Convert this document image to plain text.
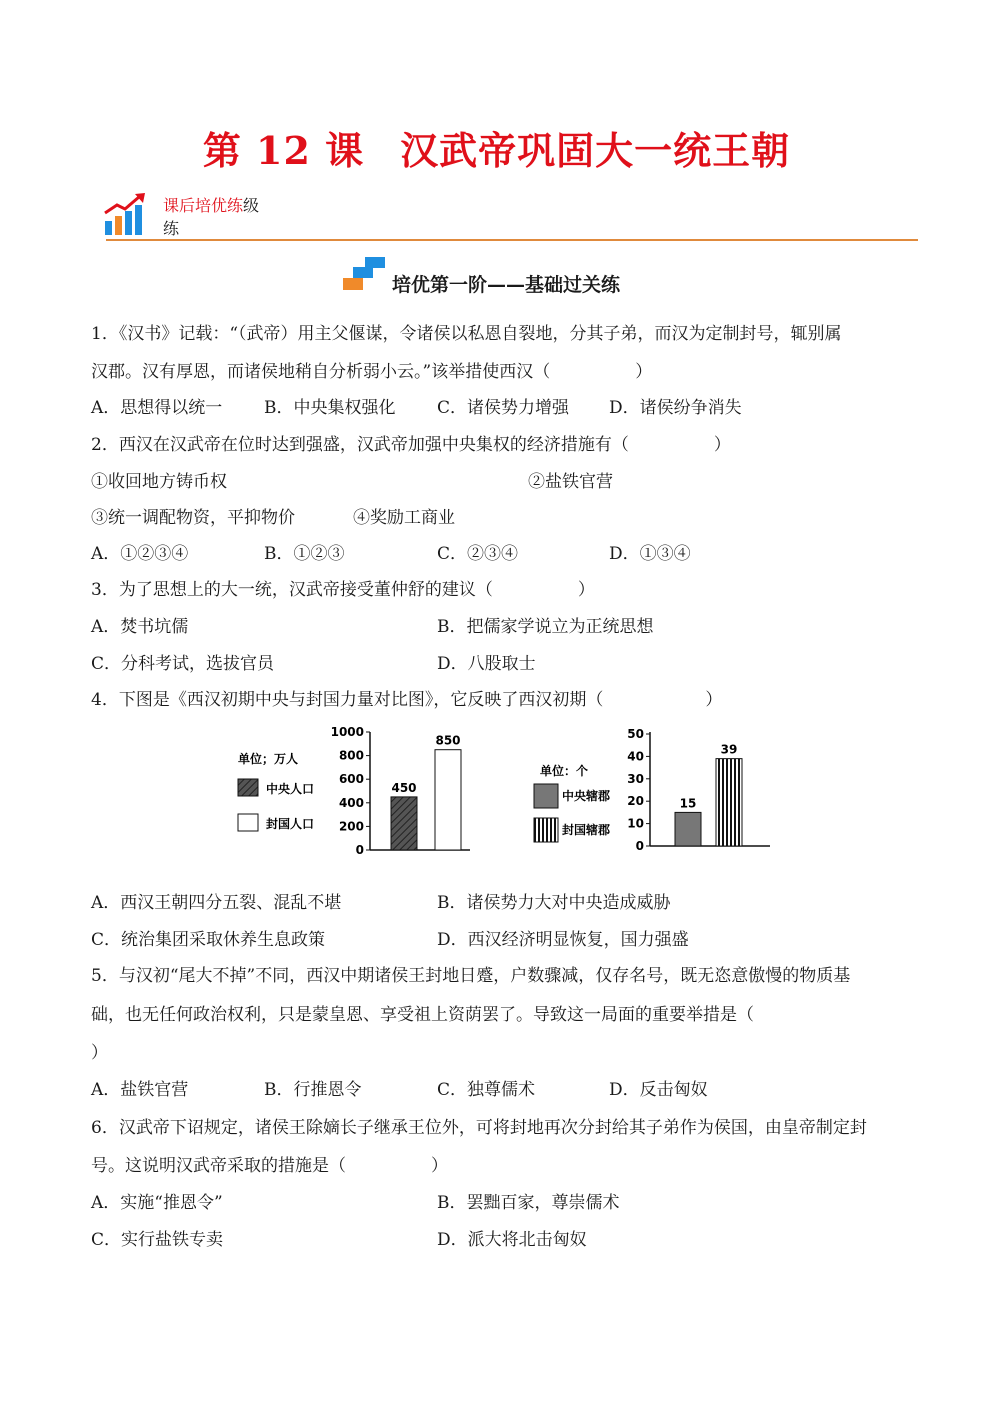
第 12 课 汉武帝巩固大一统王朝
课后培优练级
练
培优第一阶——基础过关练
1．《汉书》记载：“（武帝）用主父偃谋，令诸侯以私恩自裂地，分其子弟，而汉为定制封号，辄别属
汉郡。汉有厚恩，而诸侯地稍自分析弱小云。”该举措使西汉（　　　　　）
A．思想得以统一 B．中央集权强化 C．诸侯势力增强 D．诸侯纷争消失
2．西汉在汉武帝在位时达到强盛，汉武帝加强中央集权的经济措施有（　　　　　）
①收回地方铸币权	②盐铁官营
③统一调配物资，平抑物价	④奖励工商业
A．①②③④	B．①②③	C．②③④	D．①③④
3．为了思想上的大一统，汉武帝接受董仲舒的建议（　　　　　）
A．焚书坑儒	B．把儒家学说立为正统思想
C．分科考试，选拔官员	D．八股取士
4．下图是《西汉初期中央与封国力量对比图》，它反映了西汉初期（　　　　　　）
单位；万人
中央人口
封国人口
0
200
400
600
800
1000
450
850
单位：个
中央辖郡
封国辖郡
0
10
20
30
40
50
15
39
A．西汉王朝四分五裂、混乱不堪	B．诸侯势力大对中央造成威胁
C．统治集团采取休养生息政策	D．西汉经济明显恢复，国力强盛
5．与汉初“尾大不掉”不同，西汉中期诸侯王封地日蹙，户数骤减，仅存名号，既无恣意傲慢的物质基
础，也无任何政治权利，只是蒙皇恩、享受祖上资荫罢了。导致这一局面的重要举措是（
）
A．盐铁官营	B．行推恩令	C．独尊儒术	D．反击匈奴
6．汉武帝下诏规定，诸侯王除嫡长子继承王位外，可将封地再次分封给其子弟作为侯国，由皇帝制定封
号。这说明汉武帝采取的措施是（　　　　　）
A．实施“推恩令”	B．罢黜百家，尊崇儒术
C．实行盐铁专卖	D．派大将北击匈奴
